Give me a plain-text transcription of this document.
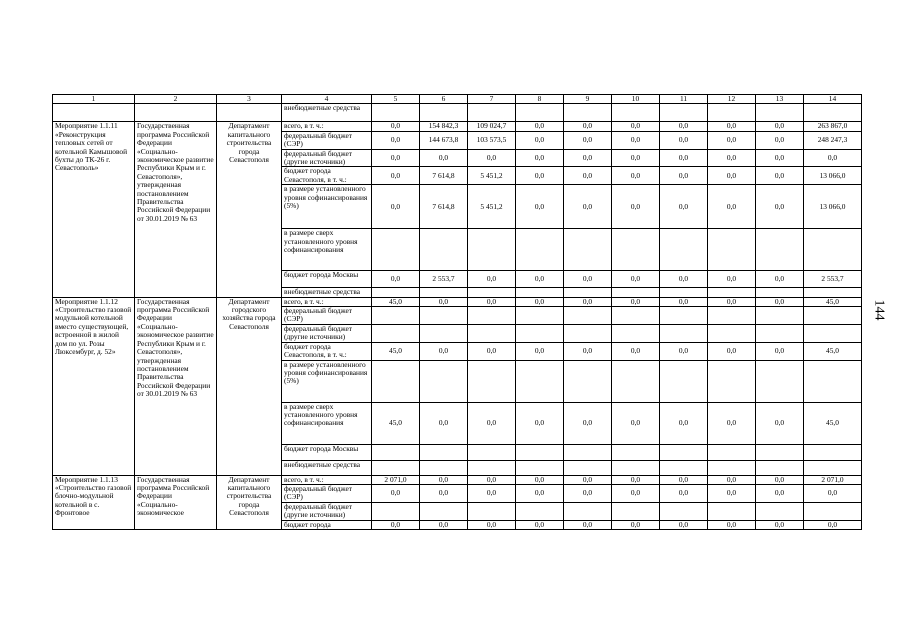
144
1	2	3	4	5	6	7	8	9	10	11	12	13	14
			внебюджетные средства										
Мероприятие 1.1.11 «Реконструкция тепловых сетей от котельной Камышовой бухты до ТК-26 г. Севастополь»	Государственная программа Российской Федерации «Социально-экономическое развитие Республики Крым и г. Севастополя», утвержденная постановлением Правительства Российской Федерации от 30.01.2019 № 63	Департамент капитального строительства города Севастополя	всего, в т. ч.:	0,0	154 842,3	109 024,7	0,0	0,0	0,0	0,0	0,0	0,0	263 867,0
			федеральный бюджет (СЭР)	0,0	144 673,8	103 573,5	0,0	0,0	0,0	0,0	0,0	0,0	248 247,3
			федеральный бюджет (другие источники)	0,0	0,0	0,0	0,0	0,0	0,0	0,0	0,0	0,0	0,0
			бюджет города Севастополя, в т. ч.:	0,0	7 614,8	5 451,2	0,0	0,0	0,0	0,0	0,0	0,0	13 066,0
			в размере установленного уровня софинансирования (5%)	0,0	7 614,8	5 451,2	0,0	0,0	0,0	0,0	0,0	0,0	13 066,0
			в размере сверх установленного уровня софинансирования										
			бюджет города Москвы	0,0	2 553,7	0,0	0,0	0,0	0,0	0,0	0,0	0,0	2 553,7
			внебюджетные средства										
Мероприятие 1.1.12 «Строительство газовой модульной котельной вместо существующей, встроенной в жилой дом по ул. Розы Люксембург, д. 52»	Государственная программа Российской Федерации «Социально-экономическое развитие Республики Крым и г. Севастополя», утвержденная постановлением Правительства Российской Федерации от 30.01.2019 № 63	Департамент городского хозяйства города Севастополя	всего, в т. ч.:	45,0	0,0	0,0	0,0	0,0	0,0	0,0	0,0	0,0	45,0
			федеральный бюджет (СЭР)										
			федеральный бюджет (другие источники)										
			бюджет города Севастополя, в т. ч.:	45,0	0,0	0,0	0,0	0,0	0,0	0,0	0,0	0,0	45,0
			в размере установленного уровня софинансирования (5%)										
			в размере сверх установленного уровня софинансирования	45,0	0,0	0,0	0,0	0,0	0,0	0,0	0,0	0,0	45,0
			бюджет города Москвы										
			внебюджетные средства										
Мероприятие 1.1.13 «Строительство газовой блочно-модульной котельной в с. Фронтовое	Государственная программа Российской Федерации «Социально-экономическое	Департамент капитального строительства города Севастополя	всего, в т. ч.:	2 071,0	0,0	0,0	0,0	0,0	0,0	0,0	0,0	0,0	2 071,0
			федеральный бюджет (СЭР)	0,0	0,0	0,0	0,0	0,0	0,0	0,0	0,0	0,0	0,0
			федеральный бюджет (другие источники)										
			бюджет города	0,0	0,0	0,0	0,0	0,0	0,0	0,0	0,0	0,0	0,0
